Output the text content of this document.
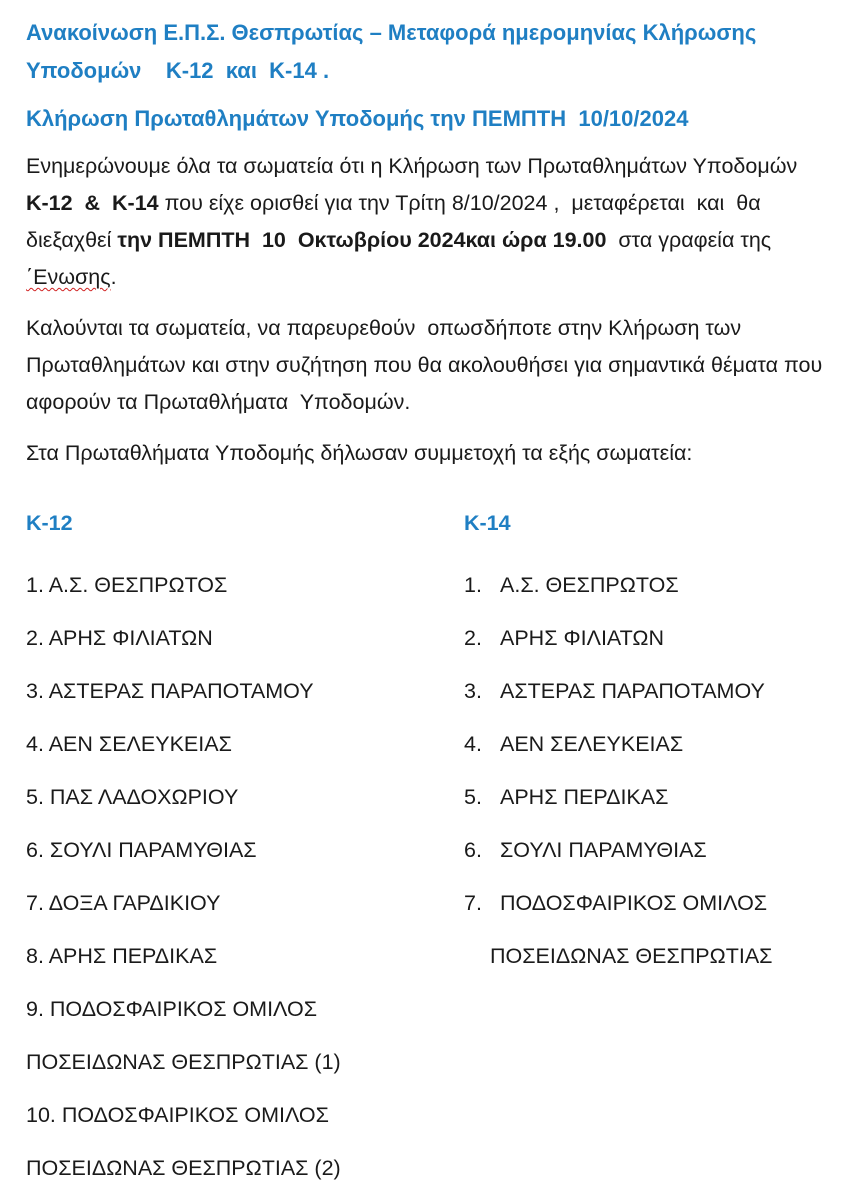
Ανακοίνωση Ε.Π.Σ. Θεσπρωτίας – Μεταφορά ημερομηνίας Κλήρωσης
Υποδομών    Κ-12  και  Κ-14 .
Κλήρωση Πρωταθλημάτων Υποδομής την ΠΕΜΠΤΗ  10/10/2024

Ενημερώνουμε όλα τα σωματεία ότι η Κλήρωση των Πρωταθλημάτων Υποδομών Κ-12  &  Κ-14 που είχε ορισθεί για την Τρίτη 8/10/2024 ,  μεταφέρεται  και  θα διεξαχθεί την ΠΕΜΠΤΗ  10  Οκτωβρίου 2024και ώρα 19.00  στα γραφεία της ΄Ενωσης.

Καλούνται τα σωματεία, να παρευρεθούν  οπωσδήποτε στην Κλήρωση των Πρωταθλημάτων και στην συζήτηση που θα ακολουθήσει για σημαντικά θέματα που αφορούν τα Πρωταθλήματα  Υποδομών.

Στα Πρωταθλήματα Υποδομής δήλωσαν συμμετοχή τα εξής σωματεία:

Κ-12
1. Α.Σ. ΘΕΣΠΡΩΤΟΣ
2. ΑΡΗΣ ΦΙΛΙΑΤΩΝ
3. ΑΣΤΕΡΑΣ ΠΑΡΑΠΟΤΑΜΟΥ
4. ΑΕΝ ΣΕΛΕΥΚΕΙΑΣ
5. ΠΑΣ ΛΑΔΟΧΩΡΙΟΥ
6. ΣΟΥΛΙ ΠΑΡΑΜΥΘΙΑΣ
7. ΔΟΞΑ ΓΑΡΔΙΚΙΟΥ
8. ΑΡΗΣ ΠΕΡΔΙΚΑΣ
9. ΠΟΔΟΣΦΑΙΡΙΚΟΣ ΟΜΙΛΟΣ
ΠΟΣΕΙΔΩΝΑΣ ΘΕΣΠΡΩΤΙΑΣ (1)
10. ΠΟΔΟΣΦΑΙΡΙΚΟΣ ΟΜΙΛΟΣ
ΠΟΣΕΙΔΩΝΑΣ ΘΕΣΠΡΩΤΙΑΣ (2)
Κ-14
1. Α.Σ. ΘΕΣΠΡΩΤΟΣ
2. ΑΡΗΣ ΦΙΛΙΑΤΩΝ
3. ΑΣΤΕΡΑΣ ΠΑΡΑΠΟΤΑΜΟΥ
4. ΑΕΝ ΣΕΛΕΥΚΕΙΑΣ
5. ΑΡΗΣ ΠΕΡΔΙΚΑΣ
6. ΣΟΥΛΙ ΠΑΡΑΜΥΘΙΑΣ
7. ΠΟΔΟΣΦΑΙΡΙΚΟΣ ΟΜΙΛΟΣ
ΠΟΣΕΙΔΩΝΑΣ ΘΕΣΠΡΩΤΙΑΣ
